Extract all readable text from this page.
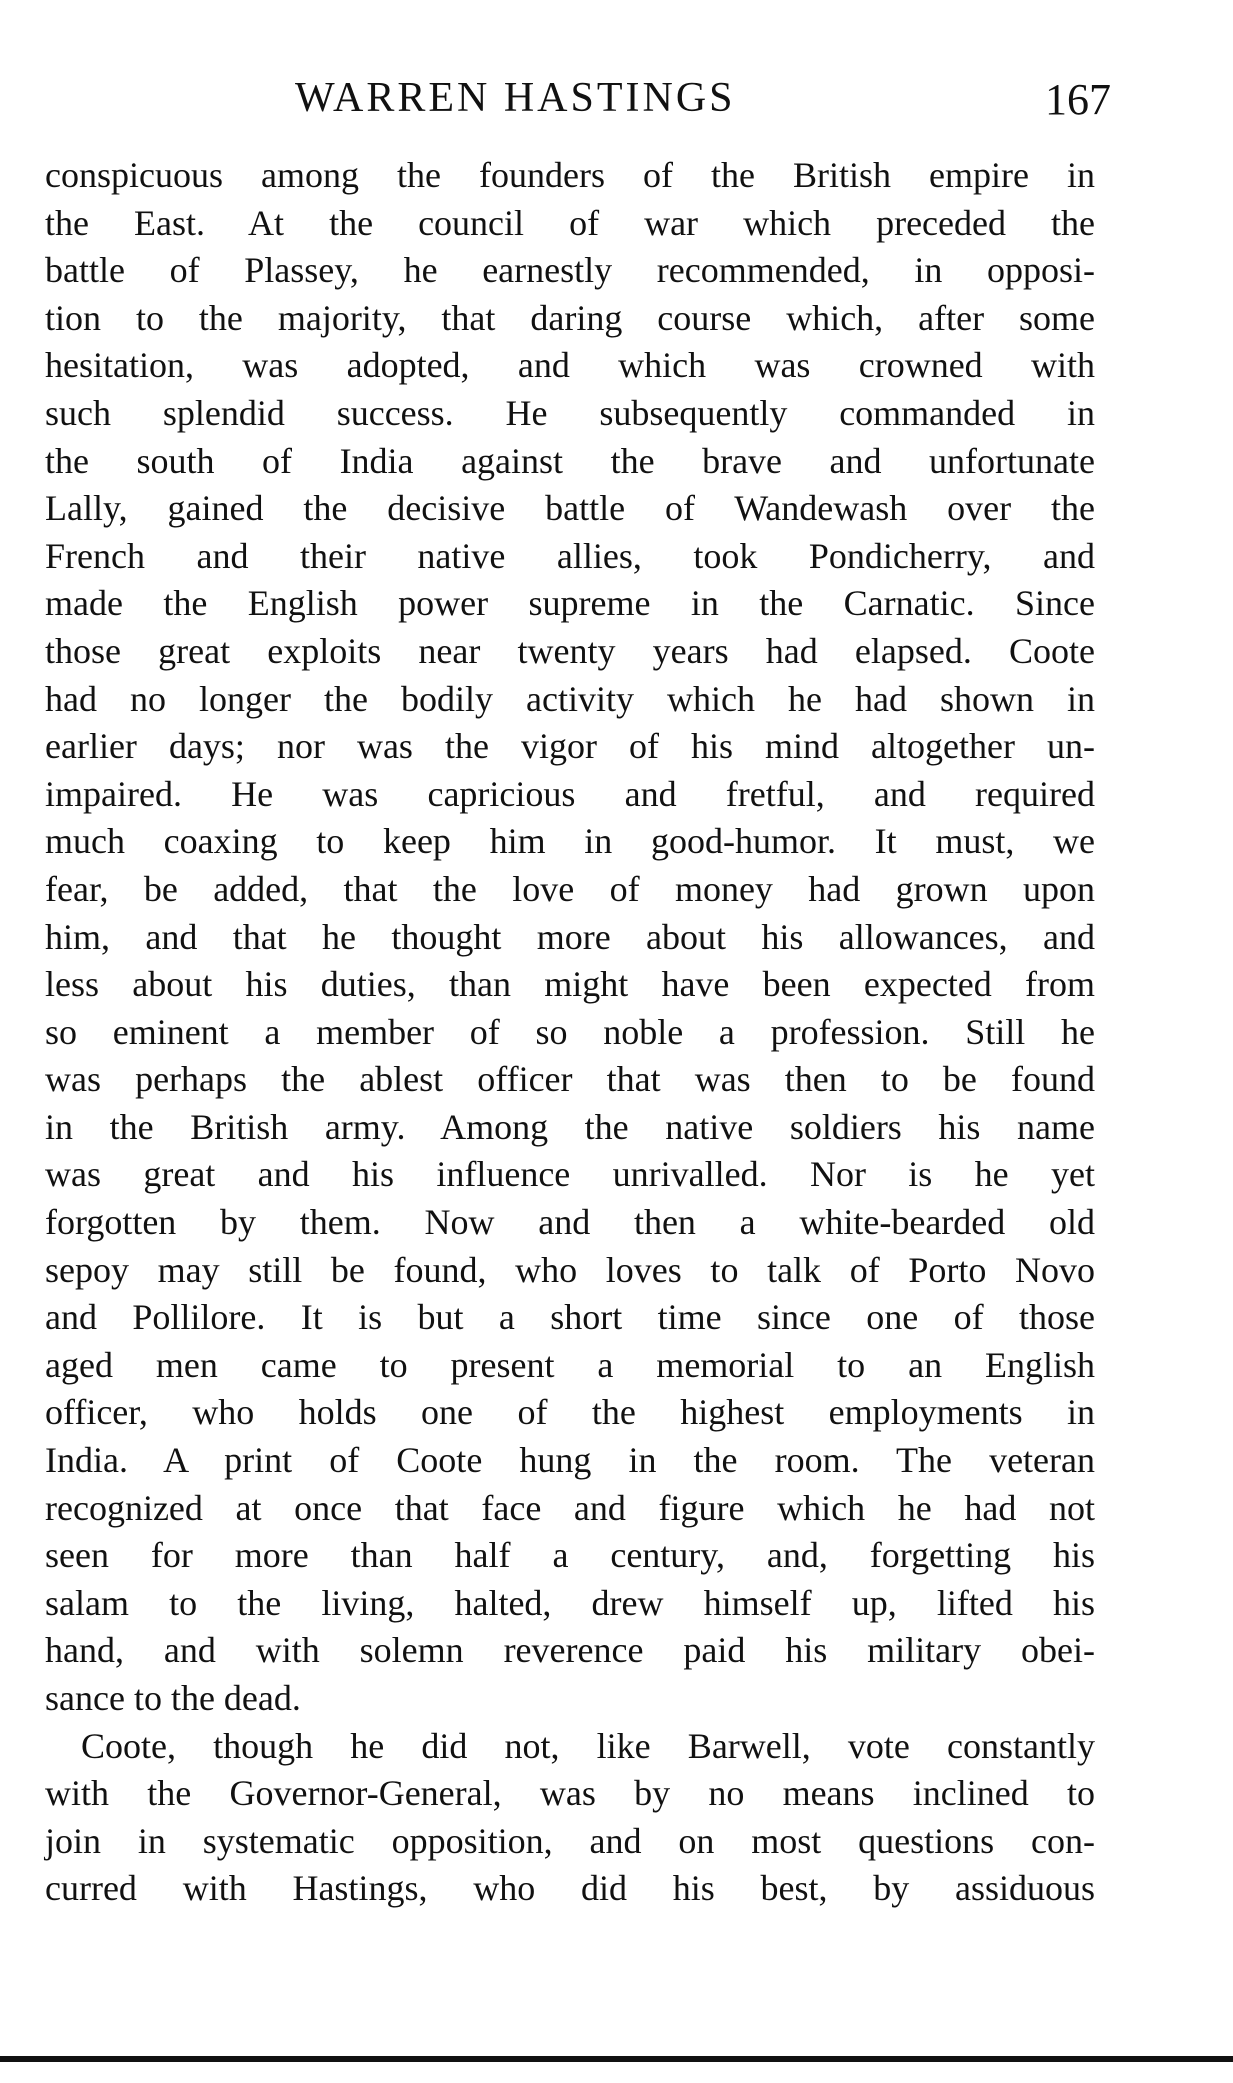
WARREN HASTINGS	167
conspicuous among the founders of the British empire in
the East. At the council of war which preceded the
battle of Plassey, he earnestly recommended, in opposi-
tion to the majority, that daring course which, after some
hesitation, was adopted, and which was crowned with
such splendid success. He subsequently commanded in
the south of India against the brave and unfortunate
Lally, gained the decisive battle of Wandewash over the
French and their native allies, took Pondicherry, and
made the English power supreme in the Carnatic. Since
those great exploits near twenty years had elapsed. Coote
had no longer the bodily activity which he had shown in
earlier days; nor was the vigor of his mind altogether un-
impaired. He was capricious and fretful, and required
much coaxing to keep him in good-humor. It must, we
fear, be added, that the love of money had grown upon
him, and that he thought more about his allowances, and
less about his duties, than might have been expected from
so eminent a member of so noble a profession. Still he
was perhaps the ablest officer that was then to be found
in the British army. Among the native soldiers his name
was great and his influence unrivalled. Nor is he yet
forgotten by them. Now and then a white-bearded old
sepoy may still be found, who loves to talk of Porto Novo
and Pollilore. It is but a short time since one of those
aged men came to present a memorial to an English
officer, who holds one of the highest employments in
India. A print of Coote hung in the room. The veteran
recognized at once that face and figure which he had not
seen for more than half a century, and, forgetting his
salam to the living, halted, drew himself up, lifted his
hand, and with solemn reverence paid his military obei-
sance to the dead.
Coote, though he did not, like Barwell, vote constantly
with the Governor-General, was by no means inclined to
join in systematic opposition, and on most questions con-
curred with Hastings, who did his best, by assiduous
